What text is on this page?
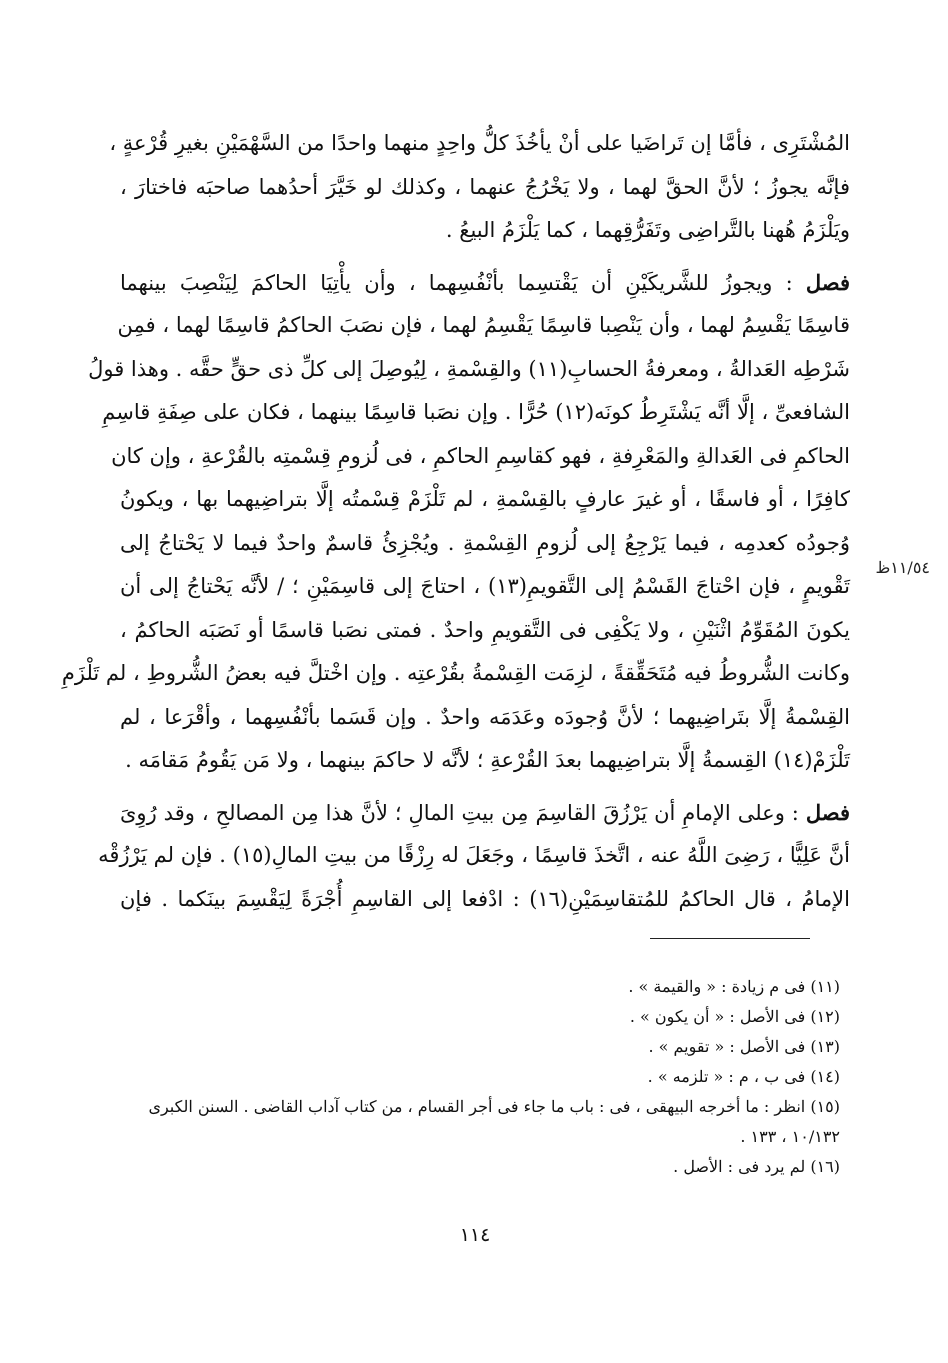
١١/٥٤ظ
المُشْتَرِى ، فأمَّا إن تَراضَيا على أنْ يأخُذَ كلُّ واحِدٍ منهما واحدًا من السَّهْمَيْنِ بغيرِ قُرْعةٍ ،
فإنَّه يجوزُ ؛ لأنَّ الحقَّ لهما ، ولا يَخْرُجُ عنهما ، وكذلك لو خَيَّرَ أحدُهما صاحبَه فاختارَ ،
ويَلْزَمُ هُهنا بالتَّراضِى وتَفَرُّقِهما ، كما يَلْزَمُ البيعُ .
فصل : ويجوزُ للشَّريكَيْنِ أن يَقْتسِما بأنْفُسِهما ، وأن يأْتِيَا الحاكمَ لِيَنْصِبَ بينهما
قاسِمًا يَقْسِمُ لهما ، وأن يَنْصِبا قاسِمًا يَقْسِمُ لهما ، فإن نصَبَ الحاكمُ قاسِمًا لهما ، فمِن
شَرْطِه العَدالةُ ، ومعرفةُ الحسابِ(١١) والقِسْمةِ ، لِيُوصِلَ إلى كلِّ ذى حقٍّ حقَّه . وهذا قولُ
الشافعىِّ ، إلَّا أنَّه يَشْتَرِطُ كونَه(١٢) حُرًّا . وإن نصَبا قاسِمًا بينهما ، فكان على صِفَةِ قاسِمِ
الحاكمِ فى العَدالةِ والمَعْرِفةِ ، فهو كقاسِمِ الحاكمِ ، فى لُزومِ قِسْمتِه بالقُرْعةِ ، وإن كان
كافِرًا ، أو فاسقًا ، أو غيرَ عارفٍ بالقِسْمةِ ، لم تَلْزَمْ قِسْمتُه إلَّا بتراضِيهما بها ، ويكونُ
وُجودُه كعدمِه ، فيما يَرْجِعُ إلى لُزومِ القِسْمةِ . ويُجْزِئُ قاسمٌ واحدٌ فيما لا يَحْتاجُ إلى
تَقْويمٍ ، فإن احْتاجَ القَسْمُ إلى التَّقويمِ(١٣) ، احتاجَ إلى قاسِمَيْنِ ؛ / لأنَّه يَحْتاجُ إلى أن
يكونَ المُقَوِّمُ اثْنَيْنِ ، ولا يَكْفِى فى التَّقويمِ واحدٌ . فمتى نصَبا قاسمًا أو نَصَبَه الحاكمُ ،
وكانت الشُّروطُ فيه مُتَحَقِّقةً ، لزِمَت القِسْمةُ بقُرْعتِه . وإن اخْتلَّ فيه بعضُ الشُّروطِ ، لم تَلْزَمِ
القِسْمةُ إلَّا بتَراضِيهما ؛ لأنَّ وُجودَه وعَدَمَه واحدٌ . وإن قَسَما بأنْفُسِهما ، وأقْرَعا ، لم
تَلْزَمْ(١٤) القِسمةُ إلَّا بتراضِيهما بعدَ القُرْعةِ ؛ لأنَّه لا حاكمَ بينهما ، ولا مَن يَقُومُ مَقامَه .
فصل : وعلى الإمامِ أن يَرْزُقَ القاسِمَ مِن بيتِ المالِ ؛ لأنَّ هذا مِن المصالحِ ، وقد رُوِىَ
أنَّ عَلِيًّا ، رَضِىَ اللَّهُ عنه ، اتَّخذَ قاسِمًا ، وجَعَلَ له رِزْقًا من بيتِ المالِ(١٥) . فإن لم يَرْزُقْه
الإمامُ ، قال الحاكمُ للمُتقاسِمَيْنِ(١٦) : ادْفعا إلى القاسِمِ أُجْرَةً لِيَقْسِمَ بينَكما . فإن
(١١) فى م زيادة : « والقيمة » .
(١٢) فى الأصل : « أن يكون » .
(١٣) فى الأصل : « تقويم » .
(١٤) فى ب ، م : « تلزمه » .
(١٥) انظر : ما أخرجه البيهقى ، فى : باب ما جاء فى أجر القسام ، من كتاب آداب القاضى . السنن الكبرى ١٠/١٣٢ ، ١٣٣ .
(١٦) لم يرد فى : الأصل .
١١٤
